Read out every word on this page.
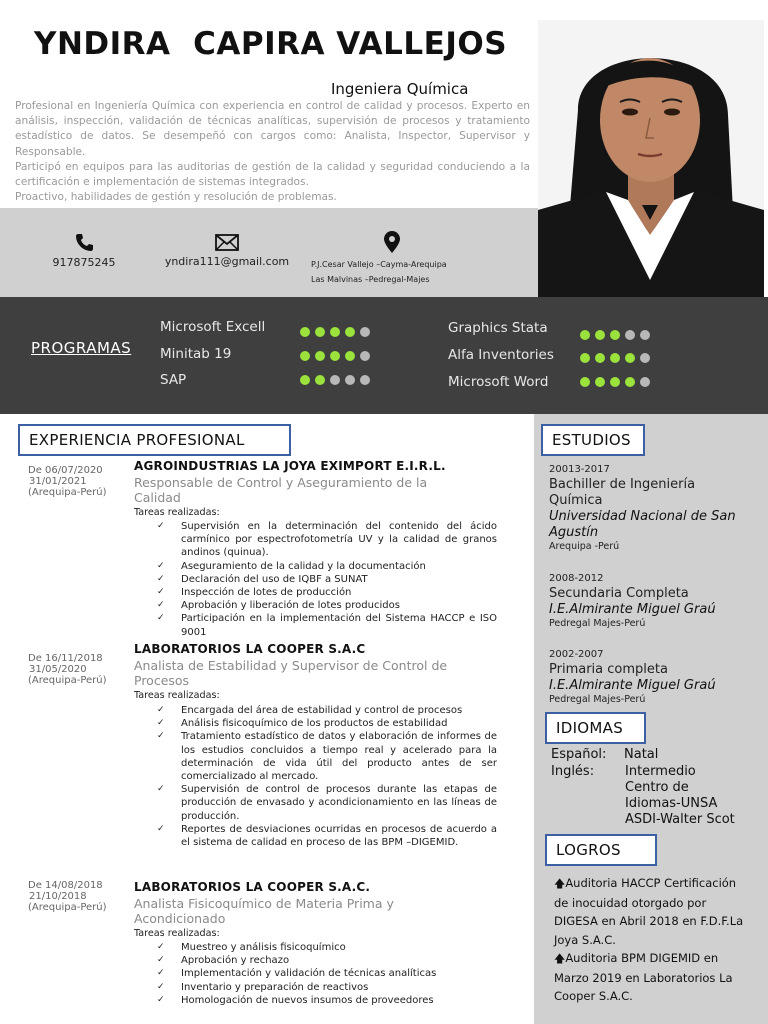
YNDIRA  CAPIRA VALLEJOS
Ingeniera Química

Profesional en Ingeniería Química con experiencia en control de calidad y procesos. Experto en análisis, inspección, validación de técnicas analíticas, supervisión de procesos y tratamiento estadístico de datos. Se desempeñó con cargos como: Analista, Inspector, Supervisor y Responsable.

Participó en equipos para las auditorias de gestión de la calidad y seguridad conduciendo a la certificación e implementación de sistemas integrados.

Proactivo, habilidades de gestión y resolución de problemas.

917875245	yndira111@gmail.com	P.J.Cesar Vallejo –Cayma-Arequipa
Las Malvinas –Pedregal-Majes
PROGRAMAS
Microsoft Excell
Minitab 19
SAP
Graphics Stata
Alfa Inventories
Microsoft Word
EXPERIENCIA PROFESIONAL
De 06/07/2020
31/01/2021
(Arequipa-Perú)
AGROINDUSTRIAS LA JOYA EXIMPORT E.I.R.L.
Responsable de Control y Aseguramiento de la Calidad
Tareas realizadas:
✓ Supervisión en la determinación del contenido del ácido carmínico por espectrofotometría UV y la calidad de granos andinos (quinua).
✓ Aseguramiento de la calidad y la documentación
✓ Declaración del uso de IQBF a SUNAT
✓ Inspección de lotes de producción
✓ Aprobación y liberación de lotes producidos
✓ Participación en la implementación del Sistema HACCP e ISO 9001
De 16/11/2018
31/05/2020
(Arequipa-Perú)
LABORATORIOS LA COOPER S.A.C
Analista de Estabilidad y Supervisor de Control de Procesos
Tareas realizadas:
✓ Encargada del área de estabilidad y control de procesos
✓ Análisis fisicoquímico de los productos de estabilidad
✓ Tratamiento estadístico de datos y elaboración de informes de los estudios concluidos a tiempo real y acelerado para la determinación de vida útil del producto antes de ser comercializado al mercado.
✓ Supervisión de control de procesos durante las etapas de producción de envasado y acondicionamiento en las líneas de producción.
✓ Reportes de desviaciones ocurridas en procesos de acuerdo a el sistema de calidad en proceso de las BPM –DIGEMID.
De 14/08/2018
21/10/2018
(Arequipa-Perú)
LABORATORIOS LA COOPER S.A.C.
Analista Fisicoquímico de Materia Prima y Acondicionado
Tareas realizadas:
✓ Muestreo y análisis fisicoquímico
✓ Aprobación y rechazo
✓ Implementación y validación de técnicas analíticas
✓ Inventario y preparación de reactivos
✓ Homologación de nuevos insumos de proveedores
ESTUDIOS
20013-2017
Bachiller de Ingeniería Química
Universidad Nacional de San Agustín
Arequipa -Perú
2008-2012
Secundaria Completa
I.E.Almirante Miguel Graú
Pedregal Majes-Perú
2002-2007
Primaria completa
I.E.Almirante Miguel Graú
Pedregal Majes-Perú
IDIOMAS
Español: Natal
Inglés: Intermedio
Centro de
Idiomas-UNSA
ASDI-Walter Scot
LOGROS
🡅Auditoria HACCP Certificación de inocuidad otorgado por DIGESA en Abril 2018 en F.D.F.La Joya S.A.C.
🡅Auditoria BPM DIGEMID en Marzo 2019 en Laboratorios La Cooper S.A.C.
